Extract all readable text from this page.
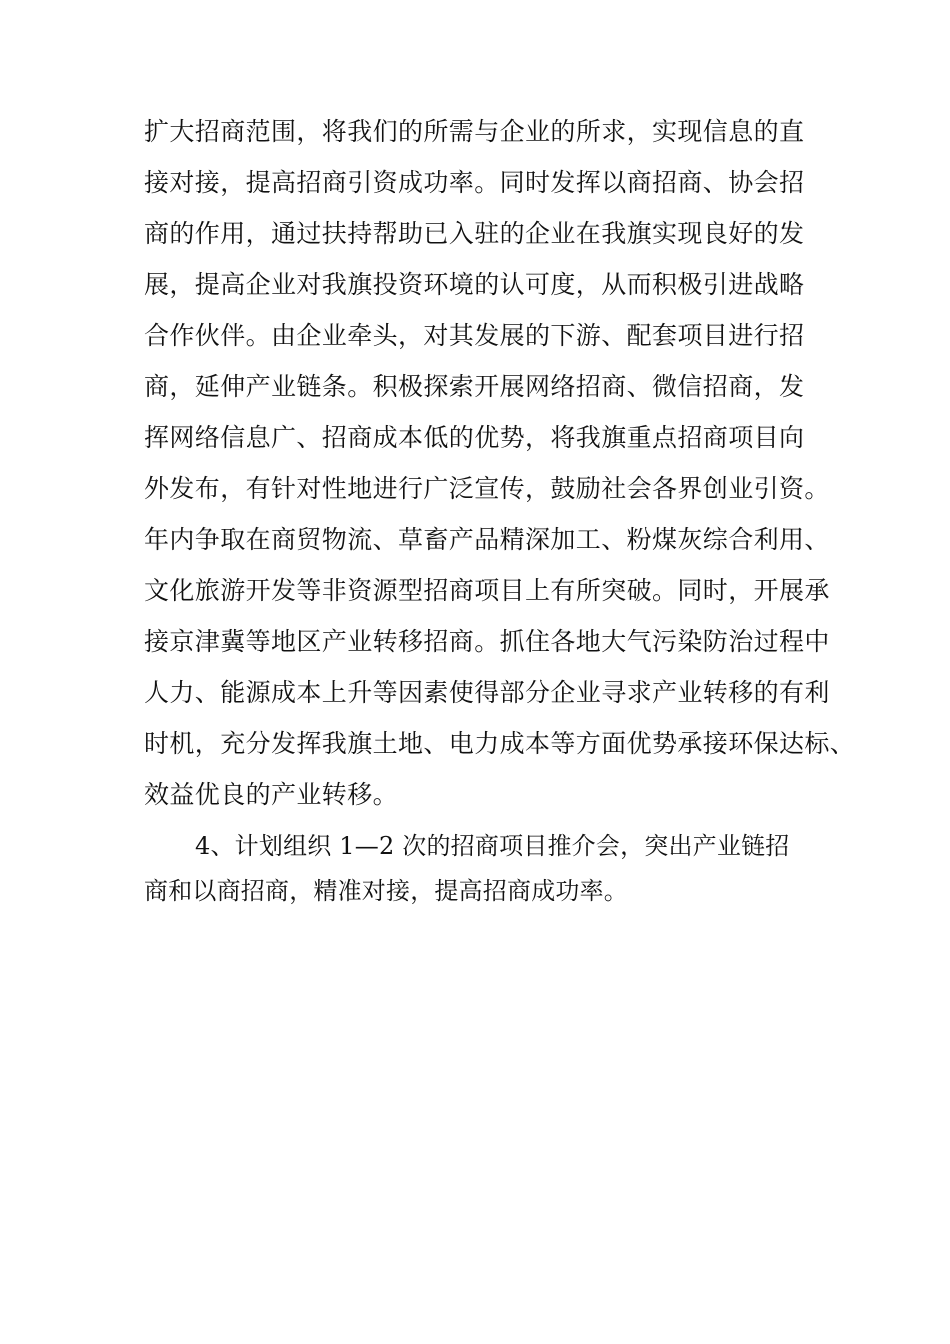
扩大招商范围，将我们的所需与企业的所求，实现信息的直
接对接，提高招商引资成功率。同时发挥以商招商、协会招
商的作用，通过扶持帮助已入驻的企业在我旗实现良好的发
展，提高企业对我旗投资环境的认可度，从而积极引进战略
合作伙伴。由企业牵头，对其发展的下游、配套项目进行招
商，延伸产业链条。积极探索开展网络招商、微信招商，发
挥网络信息广、招商成本低的优势，将我旗重点招商项目向
外发布，有针对性地进行广泛宣传，鼓励社会各界创业引资。
年内争取在商贸物流、草畜产品精深加工、粉煤灰综合利用、
文化旅游开发等非资源型招商项目上有所突破。同时，开展承
接京津冀等地区产业转移招商。抓住各地大气污染防治过程中
人力、能源成本上升等因素使得部分企业寻求产业转移的有利
时机，充分发挥我旗土地、电力成本等方面优势承接环保达标、
效益优良的产业转移。
4、计划组织 1—2 次的招商项目推介会，突出产业链招
商和以商招商，精准对接，提高招商成功率。
